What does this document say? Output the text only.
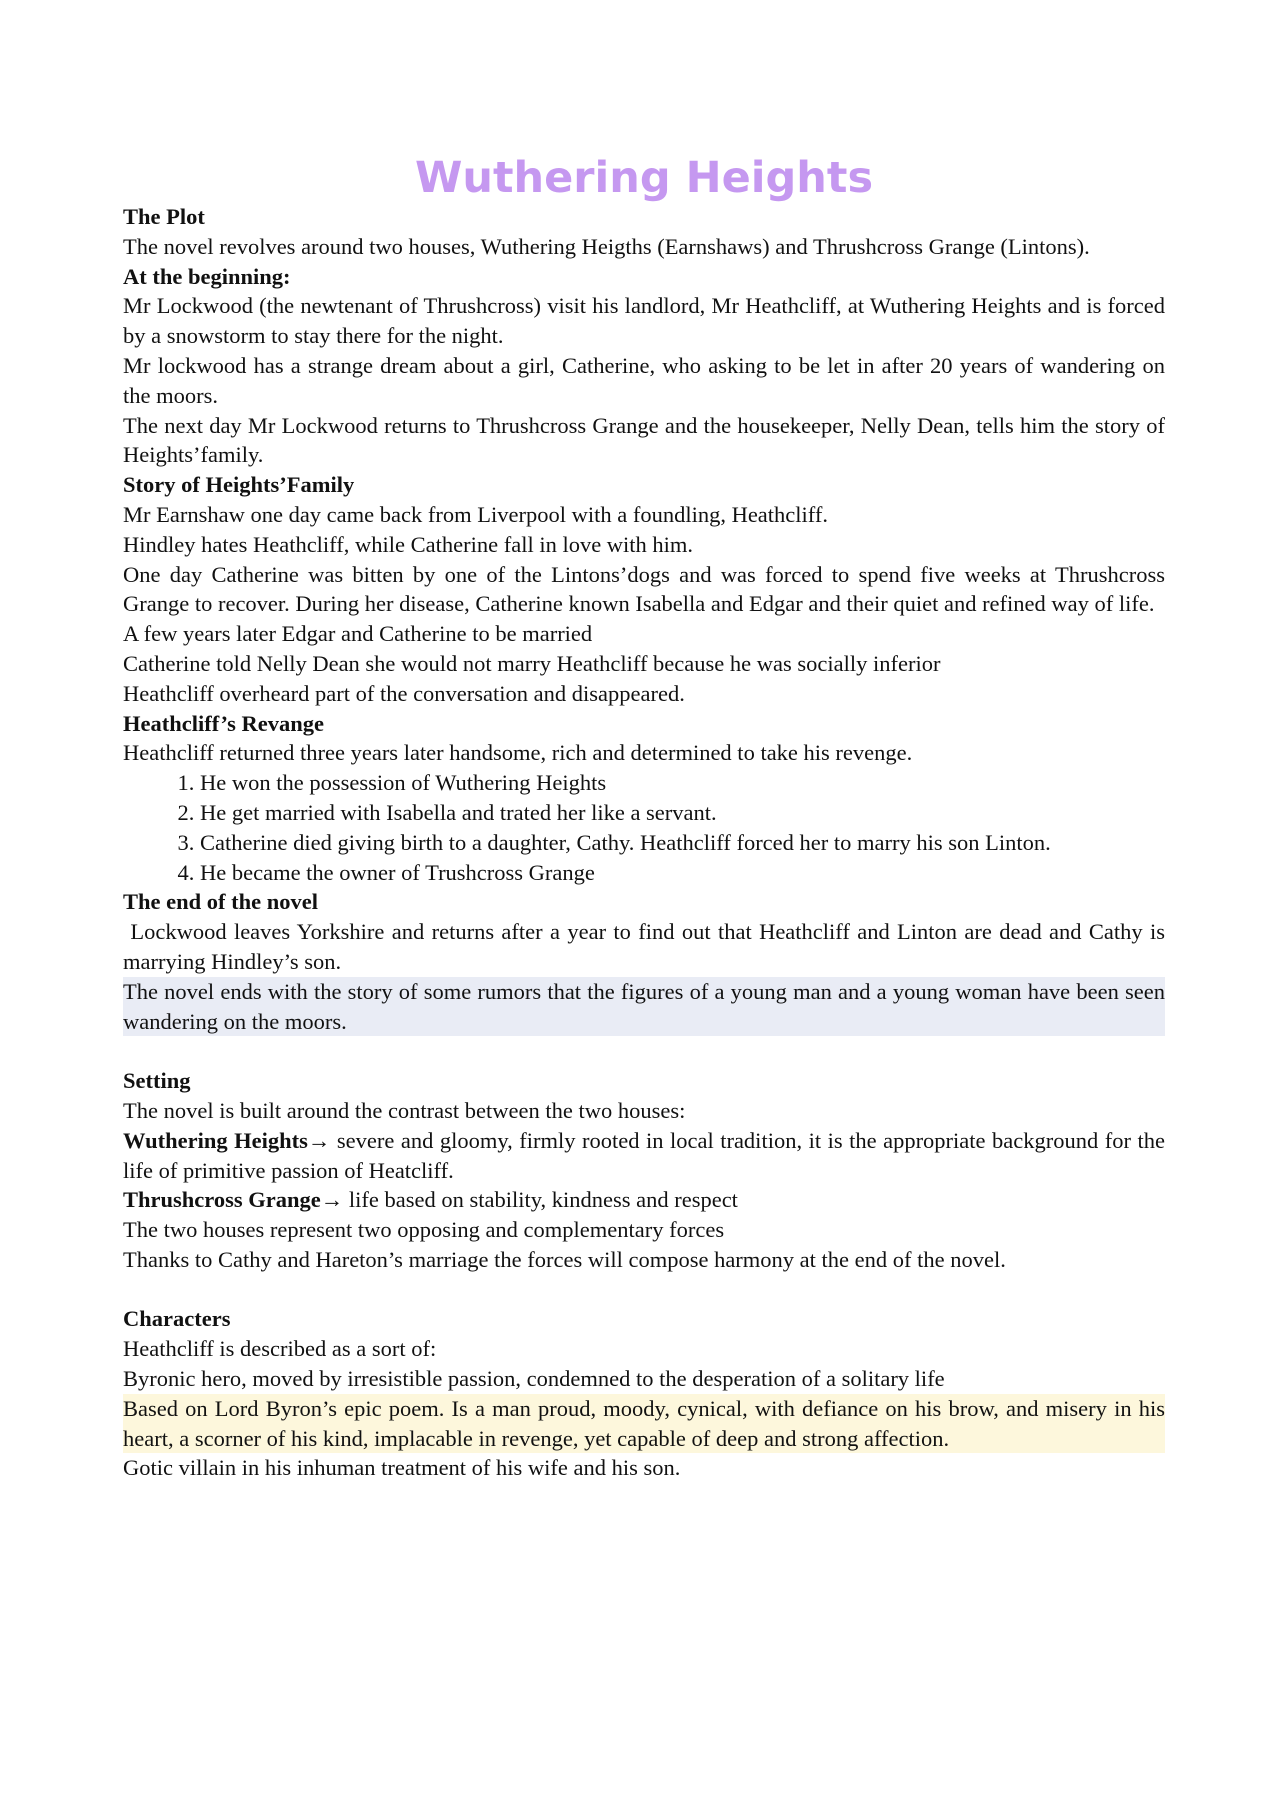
Wuthering Heights

The Plot

The novel revolves around two houses, Wuthering Heigths (Earnshaws) and Thrushcross Grange (Lintons).

At the beginning:

Mr Lockwood (the newtenant of Thrushcross) visit his landlord, Mr Heathcliff, at Wuthering Heights and is forced by a snowstorm to stay there for the night.

Mr lockwood has a strange dream about a girl, Catherine, who asking to be let in after 20 years of wandering on the moors.

The next day Mr Lockwood returns to Thrushcross Grange and the housekeeper, Nelly Dean, tells him the story of Heights’family.

Story of Heights’Family

Mr Earnshaw one day came back from Liverpool with a foundling, Heathcliff.

Hindley hates Heathcliff, while Catherine fall in love with him.

One day Catherine was bitten by one of the Lintons’dogs and was forced to spend five weeks at Thrushcross Grange to recover. During her disease, Catherine known Isabella and Edgar and their quiet and refined way of life.

A few years later Edgar and Catherine to be married

Catherine told Nelly Dean she would not marry Heathcliff because he was socially inferior

Heathcliff overheard part of the conversation and disappeared.

Heathcliff’s Revange

Heathcliff returned three years later handsome, rich and determined to take his revenge.

1. He won the possession of Wuthering Heights
2. He get married with Isabella and trated her like a servant.
3. Catherine died giving birth to a daughter, Cathy. Heathcliff forced her to marry his son Linton.
4. He became the owner of Trushcross Grange

The end of the novel

Lockwood leaves Yorkshire and returns after a year to find out that Heathcliff and Linton are dead and Cathy is marrying Hindley’s son.

The novel ends with the story of some rumors that the figures of a young man and a young woman have been seen wandering on the moors.

Setting

The novel is built around the contrast between the two houses:

Wuthering Heights→ severe and gloomy, firmly rooted in local tradition, it is the appropriate background for the life of primitive passion of Heatcliff.

Thrushcross Grange→ life based on stability, kindness and respect

The two houses represent two opposing and complementary forces

Thanks to Cathy and Hareton’s marriage the forces will compose harmony at the end of the novel.

Characters

Heathcliff is described as a sort of:

Byronic hero, moved by irresistible passion, condemned to the desperation of a solitary life

Based on Lord Byron’s epic poem. Is a man proud, moody, cynical, with defiance on his brow, and misery in his heart, a scorner of his kind, implacable in revenge, yet capable of deep and strong affection.

Gotic villain in his inhuman treatment of his wife and his son.
